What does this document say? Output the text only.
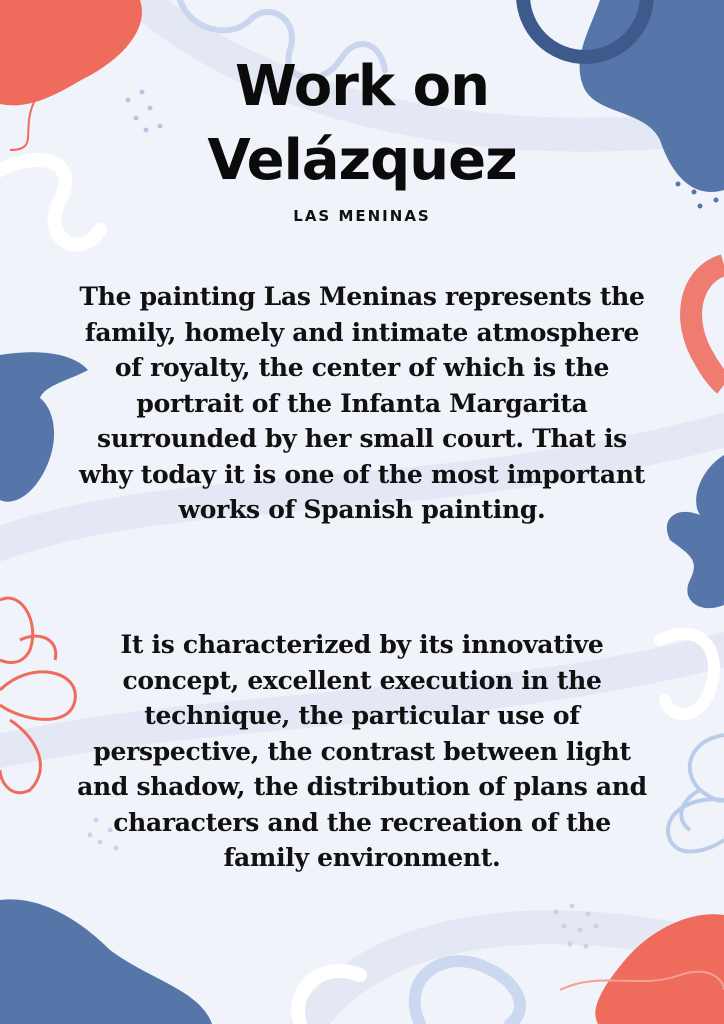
Work on
Velázquez

LAS MENINAS

The painting Las Meninas represents the family, homely and intimate atmosphere of royalty, the center of which is the portrait of the Infanta Margarita surrounded by her small court. That is why today it is one of the most important works of Spanish painting.

It is characterized by its innovative concept, excellent execution in the technique, the particular use of perspective, the contrast between light and shadow, the distribution of plans and characters and the recreation of the family environment.
